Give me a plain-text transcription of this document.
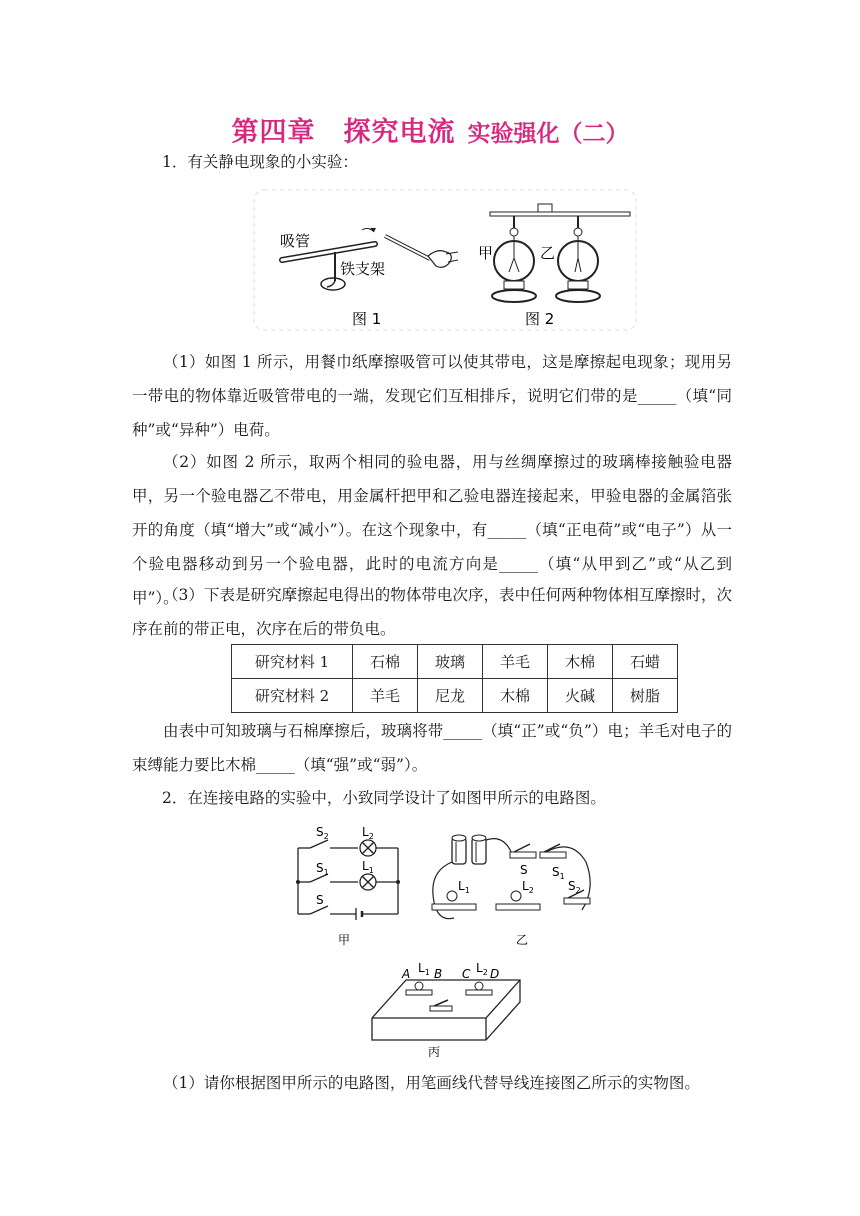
第四章　探究电流 实验强化（二）
1．有关静电现象的小实验：
吸管
铁支架
图 1
甲	乙
图 2
（1）如图 1 所示，用餐巾纸摩擦吸管可以使其带电，这是摩擦起电现象；现用另一带电的物体靠近吸管带电的一端，发现它们互相排斥，说明它们带的是_____（填“同种”或“异种”）电荷。
（2）如图 2 所示，取两个相同的验电器，用与丝绸摩擦过的玻璃棒接触验电器甲，另一个验电器乙不带电，用金属杆把甲和乙验电器连接起来，甲验电器的金属箔张开的角度（填“增大”或“减小”）。在这个现象中，有_____（填“正电荷”或“电子”）从一个验电器移动到另一个验电器，此时的电流方向是_____（填“从甲到乙”或“从乙到甲”）。
（3）下表是研究摩擦起电得出的物体带电次序，表中任何两种物体相互摩擦时，次序在前的带正电，次序在后的带负电。
研究材料 1	石棉	玻璃	羊毛	木棉	石蜡
研究材料 2	羊毛	尼龙	木棉	火碱	树脂
由表中可知玻璃与石棉摩擦后，玻璃将带_____（填“正”或“负”）电；羊毛对电子的束缚能力要比木棉_____（填“强”或“弱”）。
2．在连接电路的实验中，小致同学设计了如图甲所示的电路图。
$S_2$	$L_2$
$S_1$	$L_1$
S
甲
S $S_1$
$S_2$
$L_1$	$L_2$
乙
A $L_1$ B C $L_2$ D
丙
（1）请你根据图甲所示的电路图，用笔画线代替导线连接图乙所示的实物图。
